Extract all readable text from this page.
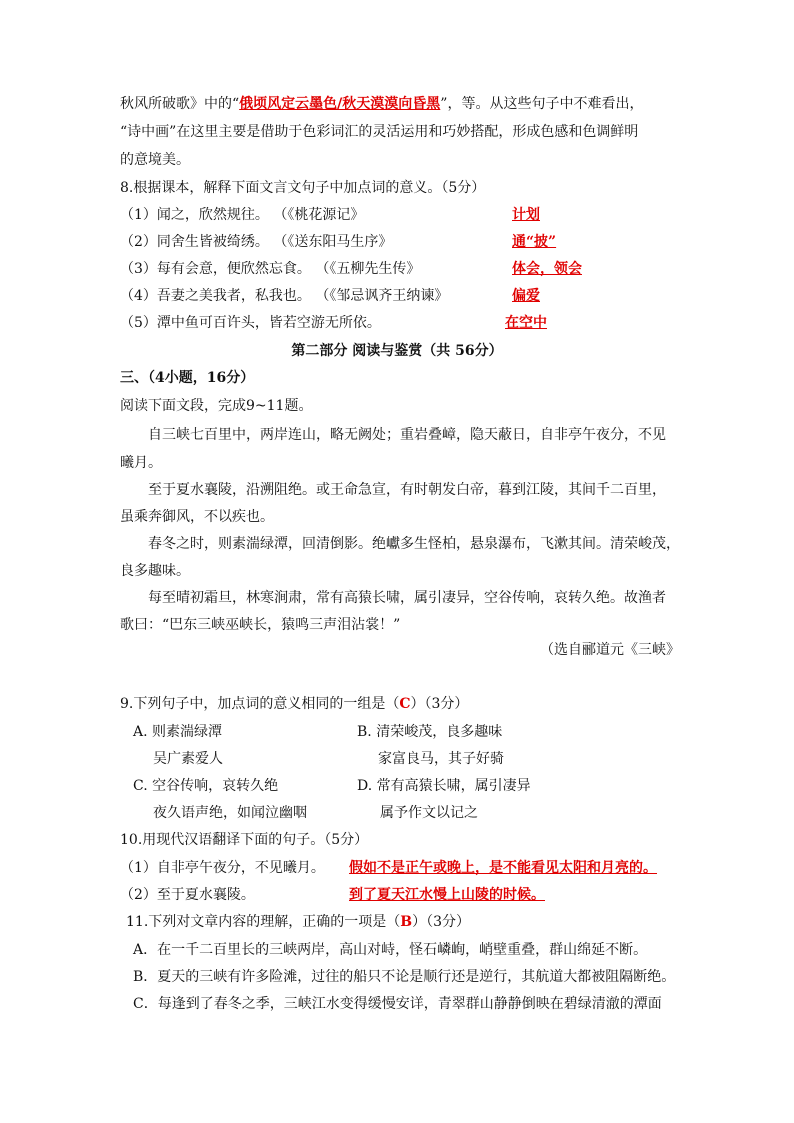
秋风所破歌》中的“俄顷风定云墨色/秋天漠漠向昏黑”，等。从这些句子中不难看出，
“诗中画”在这里主要是借助于色彩词汇的灵活运用和巧妙搭配，形成色感和色调鲜明
的意境美。
8.根据课本，解释下面文言文句子中加点词的意义。（5分）
（1）闻之，欣然规往。 （《桃花源记》	计划
（2）同舍生皆被绮绣。 （《送东阳马生序》	通“披”
（3）每有会意，便欣然忘食。 （《五柳先生传》	体会，领会
（4）吾妻之美我者，私我也。 （《邹忌讽齐王纳谏》	偏爱
（5）潭中鱼可百许头，皆若空游无所依。	在空中
第二部分 阅读与鉴赏（共 56分）
三、（4小题，16分）
阅读下面文段，完成9~11题。
自三峡七百里中，两岸连山，略无阙处；重岩叠嶂，隐天蔽日，自非亭午夜分，不见
曦月。
至于夏水襄陵，沿溯阻绝。或王命急宣，有时朝发白帝，暮到江陵，其间千二百里，
虽乘奔御风，不以疾也。
春冬之时，则素湍绿潭，回清倒影。绝巘多生怪柏，悬泉瀑布，飞漱其间。清荣峻茂，
良多趣味。
每至晴初霜旦，林寒涧肃，常有高猿长啸，属引凄异，空谷传响，哀转久绝。故渔者
歌曰：“巴东三峡巫峡长，猿鸣三声泪沾裳！”
（选自郦道元《三峡》
9.下列句子中，加点词的意义相同的一组是（C）（3分）
A. 则素湍绿潭	B. 清荣峻茂，良多趣味
吴广素爱人	家富良马，其子好骑
C. 空谷传响，哀转久绝	D. 常有高猿长啸，属引凄异
夜久语声绝，如闻泣幽咽	属予作文以记之
10.用现代汉语翻译下面的句子。（5分）
（1）自非亭午夜分，不见曦月。 假如不是正午或晚上，是不能看见太阳和月亮的。
（2）至于夏水襄陵。	到了夏天江水慢上山陵的时候。
11.下列对文章内容的理解，正确的一项是（B）（3分）
A．在一千二百里长的三峡两岸，高山对峙，怪石嶙峋，峭壁重叠，群山绵延不断。
B．夏天的三峡有许多险滩，过往的船只不论是顺行还是逆行，其航道大都被阻隔断绝。
C．每逢到了春冬之季，三峡江水变得缓慢安详，青翠群山静静倒映在碧绿清澈的潭面
